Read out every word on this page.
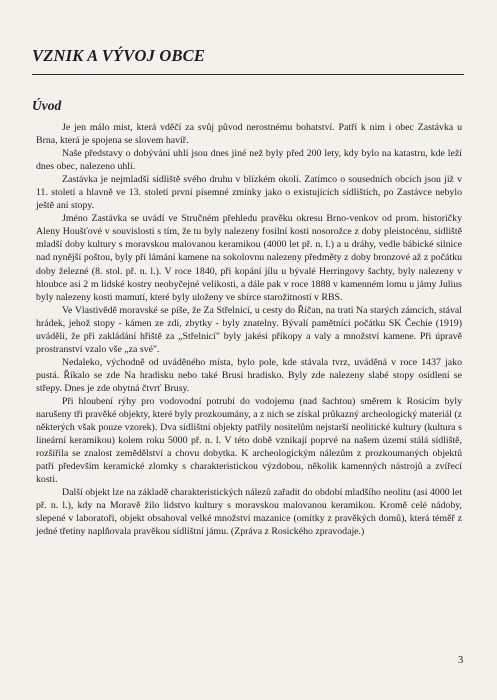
VZNIK A VÝVOJ OBCE
Úvod

Je jen málo míst, která vděčí za svůj původ nerostnému bohatství. Patří k nim i obec Zastávka u Brna, která je spojena se slovem havíř.

Naše představy o dobývání uhlí jsou dnes jiné než byly před 200 lety, kdy bylo na katastru, kde leží dnes obec, nalezeno uhlí.

Zastávka je nejmladší sídliště svého druhu v blízkém okolí. Zatímco o sousedních obcích jsou již v 11. století a hlavně ve 13. století první písemné zmínky jako o existujících sídlištích, po Zastávce nebylo ještě ani stopy.

Jméno Zastávka se uvádí ve Stručném přehledu pravěku okresu Brno-venkov od prom. historičky Aleny Houšťové v souvislosti s tím, že tu byly nalezeny fosilní kosti nosorožce z doby pleistocénu, sídliště mladší doby kultury s moravskou malovanou keramikou (4000 let př. n. l.) a u dráhy, vedle bábické silnice nad nynější poštou, byly při lámání kamene na sokolovnu nalezeny předměty z doby bronzové až z počátku doby železné (8. stol. př. n. l.). V roce 1840, při kopání jílu u bývalé Herringovy šachty, byly nalezeny v hloubce asi 2 m lidské kostry neobyčejné velikosti, a dále pak v roce 1888 v kamenném lomu u jámy Julius byly nalezeny kosti mamutí, které byly uloženy ve sbírce starožitností v RBS.

Ve Vlastivědě moravské se píše, že Za Střelnicí, u cesty do Říčan, na trati Na starých zámcích, stával hrádek, jehož stopy - kámen ze zdí, zbytky - byly znatelny. Bývalí pamětníci počátku SK Čechie (1919) uváděli, že při zakládání hřiště za „Střelnicí" byly jakési příkopy a valy a množství kamene. Při úpravě prostranství vzalo vše „za své".

Nedaleko, východně od uváděného místa, bylo pole, kde stávala tvrz, uváděná v roce 1437 jako pustá. Říkalo se zde Na hradisku nebo také Brusí hradisko. Byly zde nalezeny slabé stopy osídlení se střepy. Dnes je zde obytná čtvrť Brusy.

Při hloubení rýhy pro vodovodní potrubí do vodojemu (nad šachtou) směrem k Rosicím byly narušeny tři pravěké objekty, které byly prozkoumány, a z nich se získal průkazný archeologický materiál (z některých však pouze vzorek). Dva sídlištní objekty patřily nositelům nejstarší neolitické kultury (kultura s lineární keramikou) kolem roku 5000 př. n. l. V této době vznikají poprvé na našem území stálá sídliště, rozšiřila se znalost zemědělství a chovu dobytka. K archeologickým nálezům z prozkoumaných objektů patří především keramické zlomky s charakteristickou výzdobou, několik kamenných nástrojů a zvířecí kosti.

Další objekt lze na základě charakteristických nálezů zařadit do období mladšího neolitu (asi 4000 let př. n. l.), kdy na Moravě žilo lidstvo kultury s moravskou malovanou keramikou. Kromě celé nádoby, slepené v laboratoři, objekt obsahoval velké množství mazanice (omítky z pravěkých domů), která téměř z jedné třetiny naplňovala pravěkou sídlištní jámu. (Zpráva z Rosického zpravodaje.)

3
